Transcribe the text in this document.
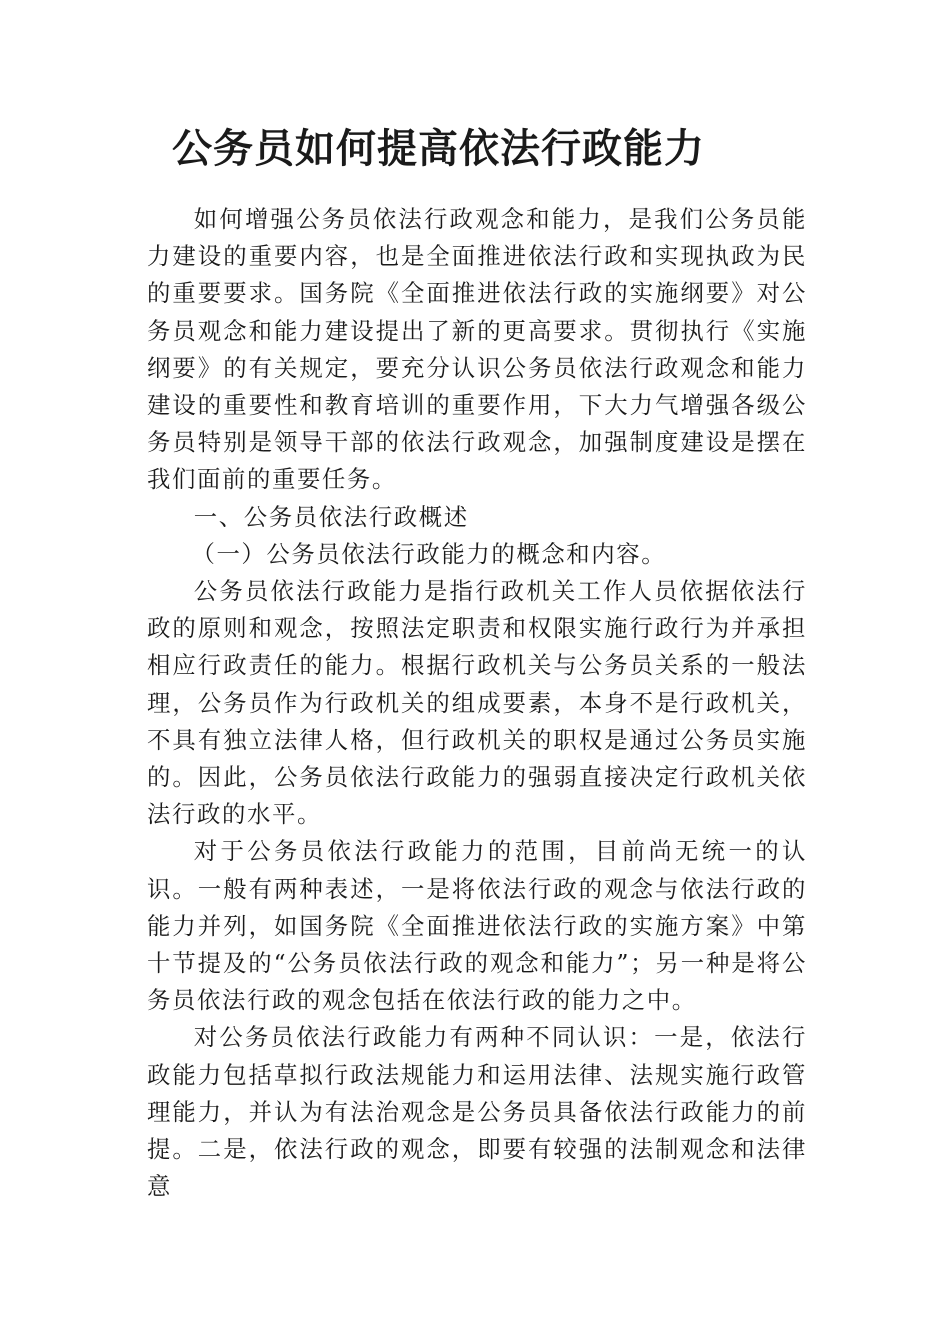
公务员如何提高依法行政能力

如何增强公务员依法行政观念和能力，是我们公务员能力建设的重要内容，也是全面推进依法行政和实现执政为民的重要要求。国务院《全面推进依法行政的实施纲要》对公务员观念和能力建设提出了新的更高要求。贯彻执行《实施纲要》的有关规定，要充分认识公务员依法行政观念和能力建设的重要性和教育培训的重要作用，下大力气增强各级公务员特别是领导干部的依法行政观念，加强制度建设是摆在我们面前的重要任务。

一、公务员依法行政概述

（一）公务员依法行政能力的概念和内容。

公务员依法行政能力是指行政机关工作人员依据依法行政的原则和观念，按照法定职责和权限实施行政行为并承担相应行政责任的能力。根据行政机关与公务员关系的一般法理，公务员作为行政机关的组成要素，本身不是行政机关，不具有独立法律人格，但行政机关的职权是通过公务员实施的。因此，公务员依法行政能力的强弱直接决定行政机关依法行政的水平。

对于公务员依法行政能力的范围，目前尚无统一的认识。一般有两种表述，一是将依法行政的观念与依法行政的能力并列，如国务院《全面推进依法行政的实施方案》中第十节提及的“公务员依法行政的观念和能力”；另一种是将公务员依法行政的观念包括在依法行政的能力之中。

对公务员依法行政能力有两种不同认识：一是，依法行政能力包括草拟行政法规能力和运用法律、法规实施行政管理能力，并认为有法治观念是公务员具备依法行政能力的前提。二是，依法行政的观念，即要有较强的法制观念和法律意
